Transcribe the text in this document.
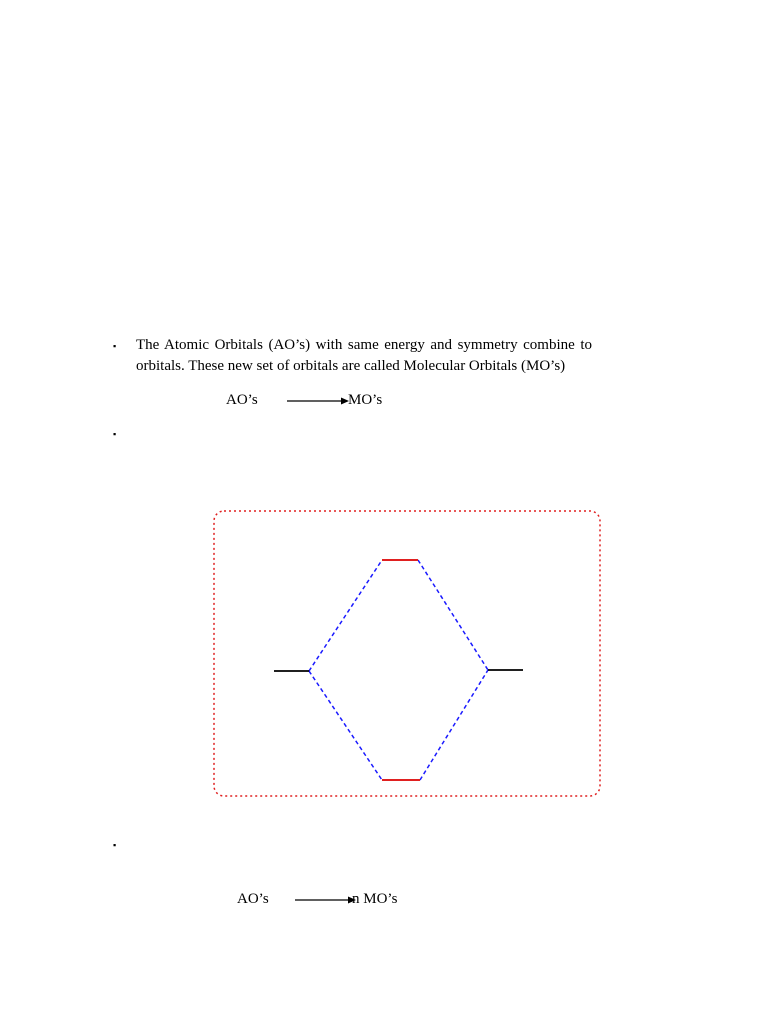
▪ The Atomic Orbitals (AO’s) with same energy and symmetry combine to
orbitals. These new set of orbitals are called Molecular Orbitals (MO’s)
AO’s	MO’s
▪
▪
AO’s	n MO’s
